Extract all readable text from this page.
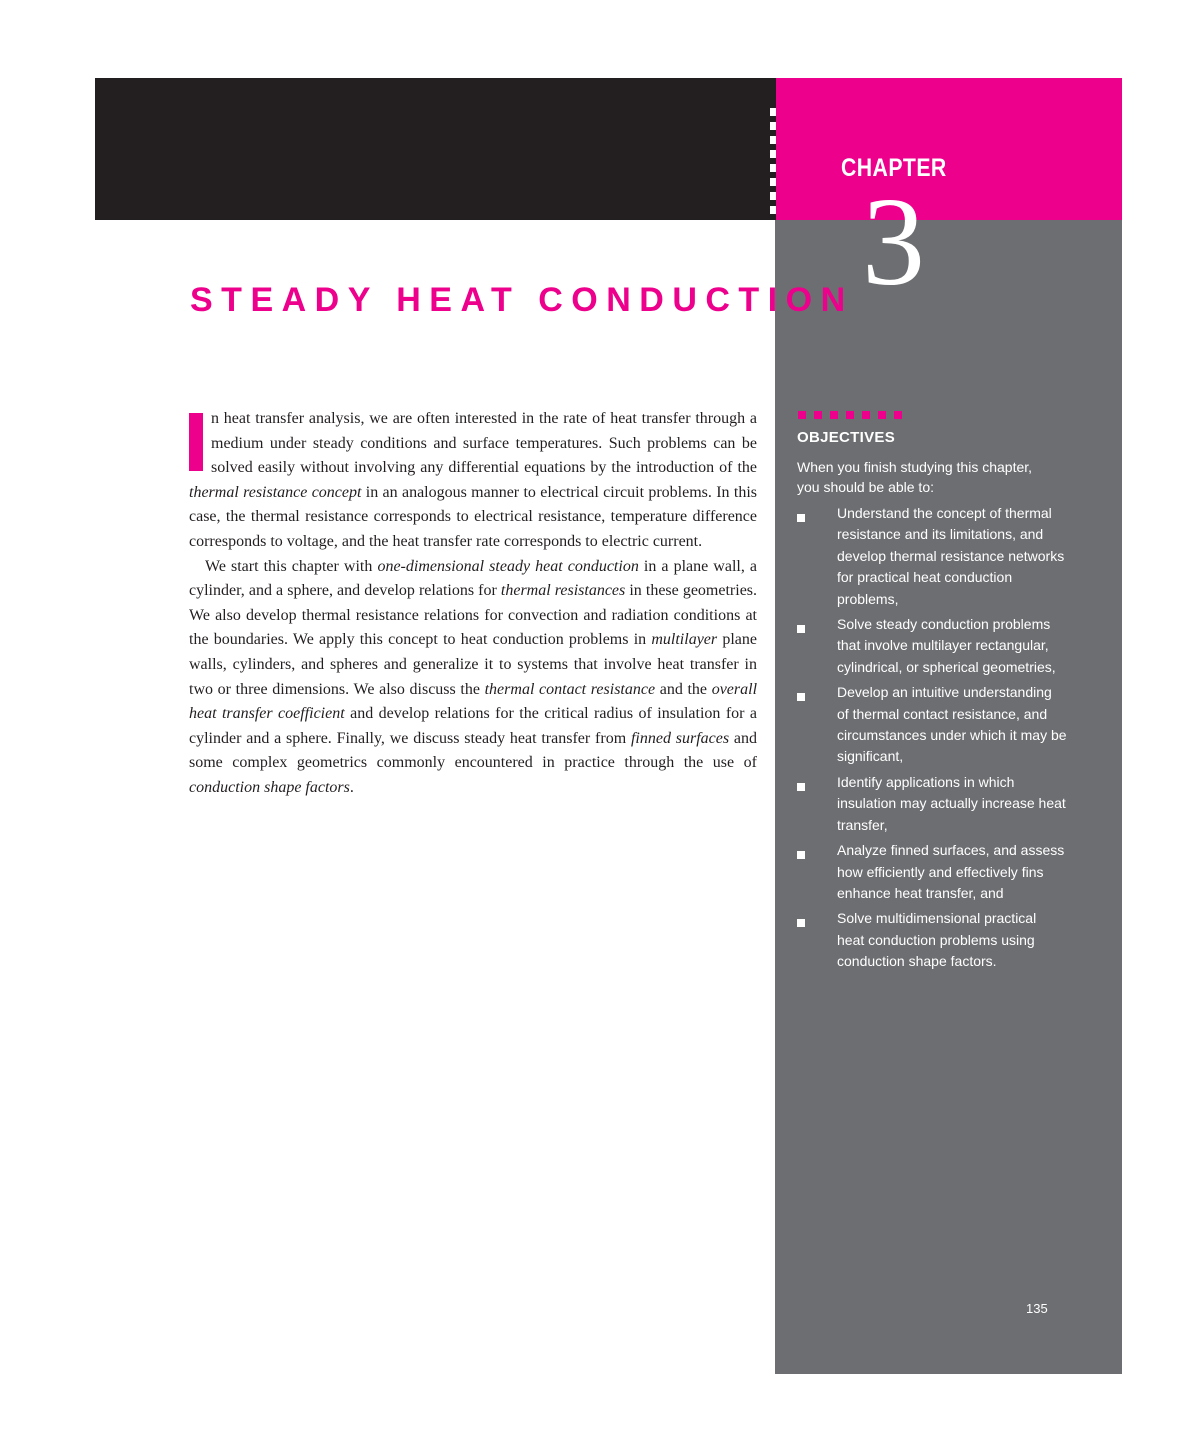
CHAPTER
3
STEADY HEAT CONDUCTION

n heat transfer analysis, we are often interested in the rate of heat transfer through a medium under steady conditions and surface temperatures. Such problems can be solved easily without involving any differential equations by the introduction of the thermal resistance concept in an analogous manner to electrical circuit problems. In this case, the thermal resistance corresponds to electrical resistance, temperature difference corresponds to voltage, and the heat transfer rate corresponds to electric current.

We start this chapter with one-dimensional steady heat conduction in a plane wall, a cylinder, and a sphere, and develop relations for thermal resistances in these geometries. We also develop thermal resistance relations for convection and radiation conditions at the boundaries. We apply this concept to heat conduction problems in multilayer plane walls, cylinders, and spheres and generalize it to systems that involve heat transfer in two or three dimensions. We also discuss the thermal contact resistance and the overall heat transfer coefficient and develop relations for the critical radius of insulation for a cylinder and a sphere. Finally, we discuss steady heat transfer from finned surfaces and some complex geometrics commonly encountered in practice through the use of conduction shape factors.

OBJECTIVES
When you finish studying this chapter, you should be able to:
Understand the concept of thermal resistance and its limitations, and develop thermal resistance networks for practical heat conduction problems,
Solve steady conduction problems that involve multilayer rectangular, cylindrical, or spherical geometries,
Develop an intuitive understanding of thermal contact resistance, and circumstances under which it may be significant,
Identify applications in which insulation may actually increase heat transfer,
Analyze finned surfaces, and assess how efficiently and effectively fins enhance heat transfer, and
Solve multidimensional practical heat conduction problems using conduction shape factors.
135
